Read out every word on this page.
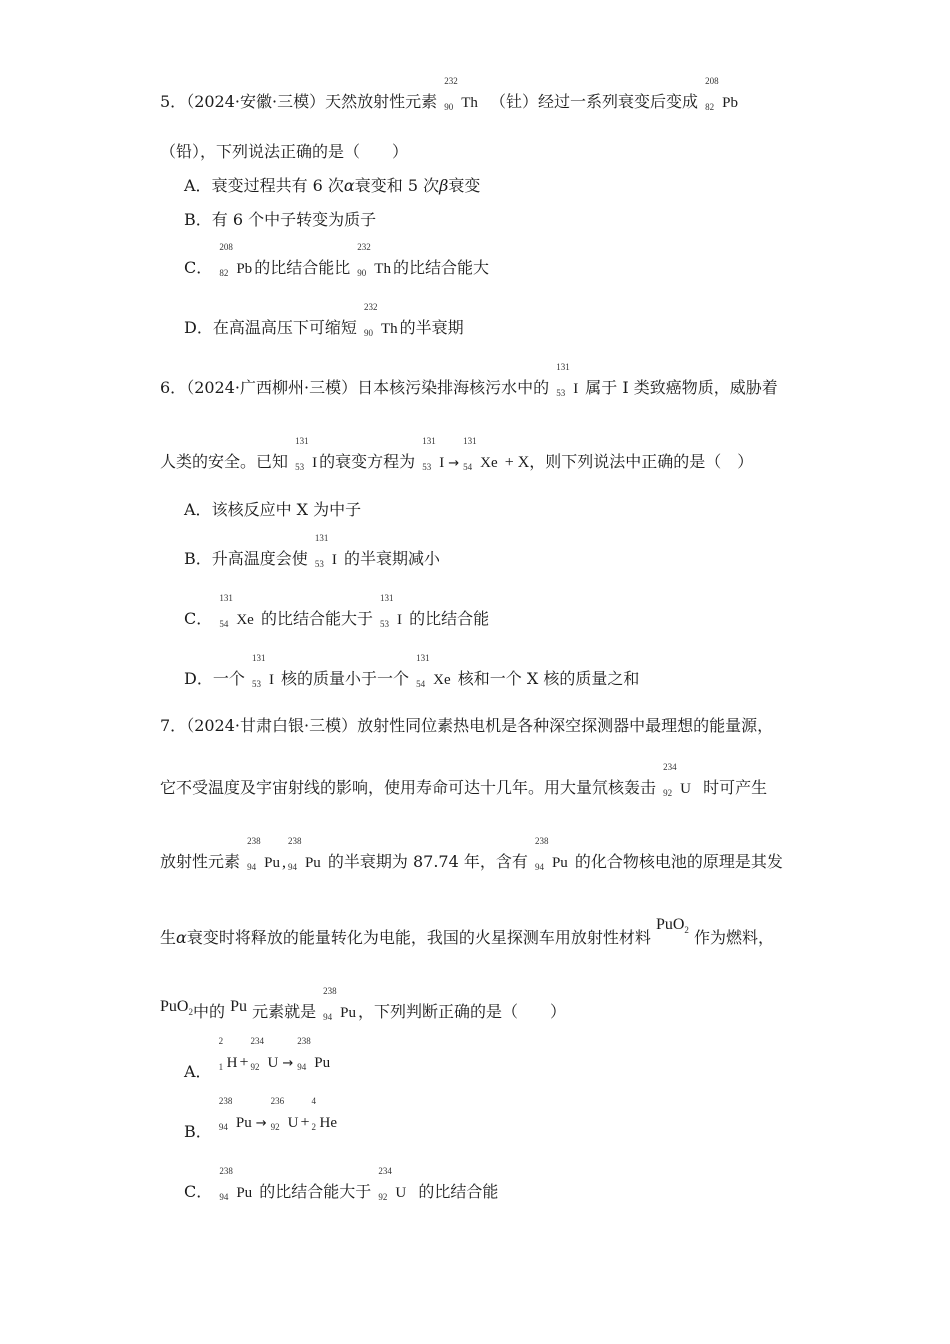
5．（2024·安徽·三模）天然放射性元素
232
90 Th （钍）经过一系列衰变后变成
208
82 Pb
（铅），下列说法正确的是（　　）
A．衰变过程共有 6 次α衰变和 5 次β衰变
B．有 6 个中子转变为质子
C．
208
82 Pb 的比结合能比
232
90 Th 的比结合能大
D．在高温高压下可缩短
232
90 Th 的半衰期
6．（2024·广西柳州·三模）日本核污染排海核污水中的
131
53 I 属于 I 类致癌物质，威胁着
人类的安全。已知
131
53 I 的衰变方程为
131
53 I →
131
54 Xe + X，则下列说法中正确的是（　）
A．该核反应中 X 为中子
B．升高温度会使
131
53 I 的半衰期减小
C．
131
54 Xe 的比结合能大于
131
53 I 的比结合能
D．一个
131
53 I 核的质量小于一个
131
54 Xe 核和一个 X 核的质量之和
7．（2024·甘肃白银·三模）放射性同位素热电机是各种深空探测器中最理想的能量源，
它不受温度及宇宙射线的影响，使用寿命可达十几年。用大量氘核轰击
234
92 U 时可产生
放射性元素
238
94 Pu ,
238
94 Pu 的半衰期为 87.74 年，含有
238
94 Pu 的化合物核电池的原理是其发
生α衰变时将释放的能量转化为电能，我国的火星探测车用放射性材料 PuO$_2$ 作为燃料，
PuO$_2$中的 Pu 元素就是
238
94 Pu ，下列判断正确的是（　　）
A．
2
1 H +
234
92 U →
238
94 Pu
B．
238
94 Pu →
236
92 U +
4
2 He
C．
238
94 Pu 的比结合能大于
234
92 U 的比结合能
